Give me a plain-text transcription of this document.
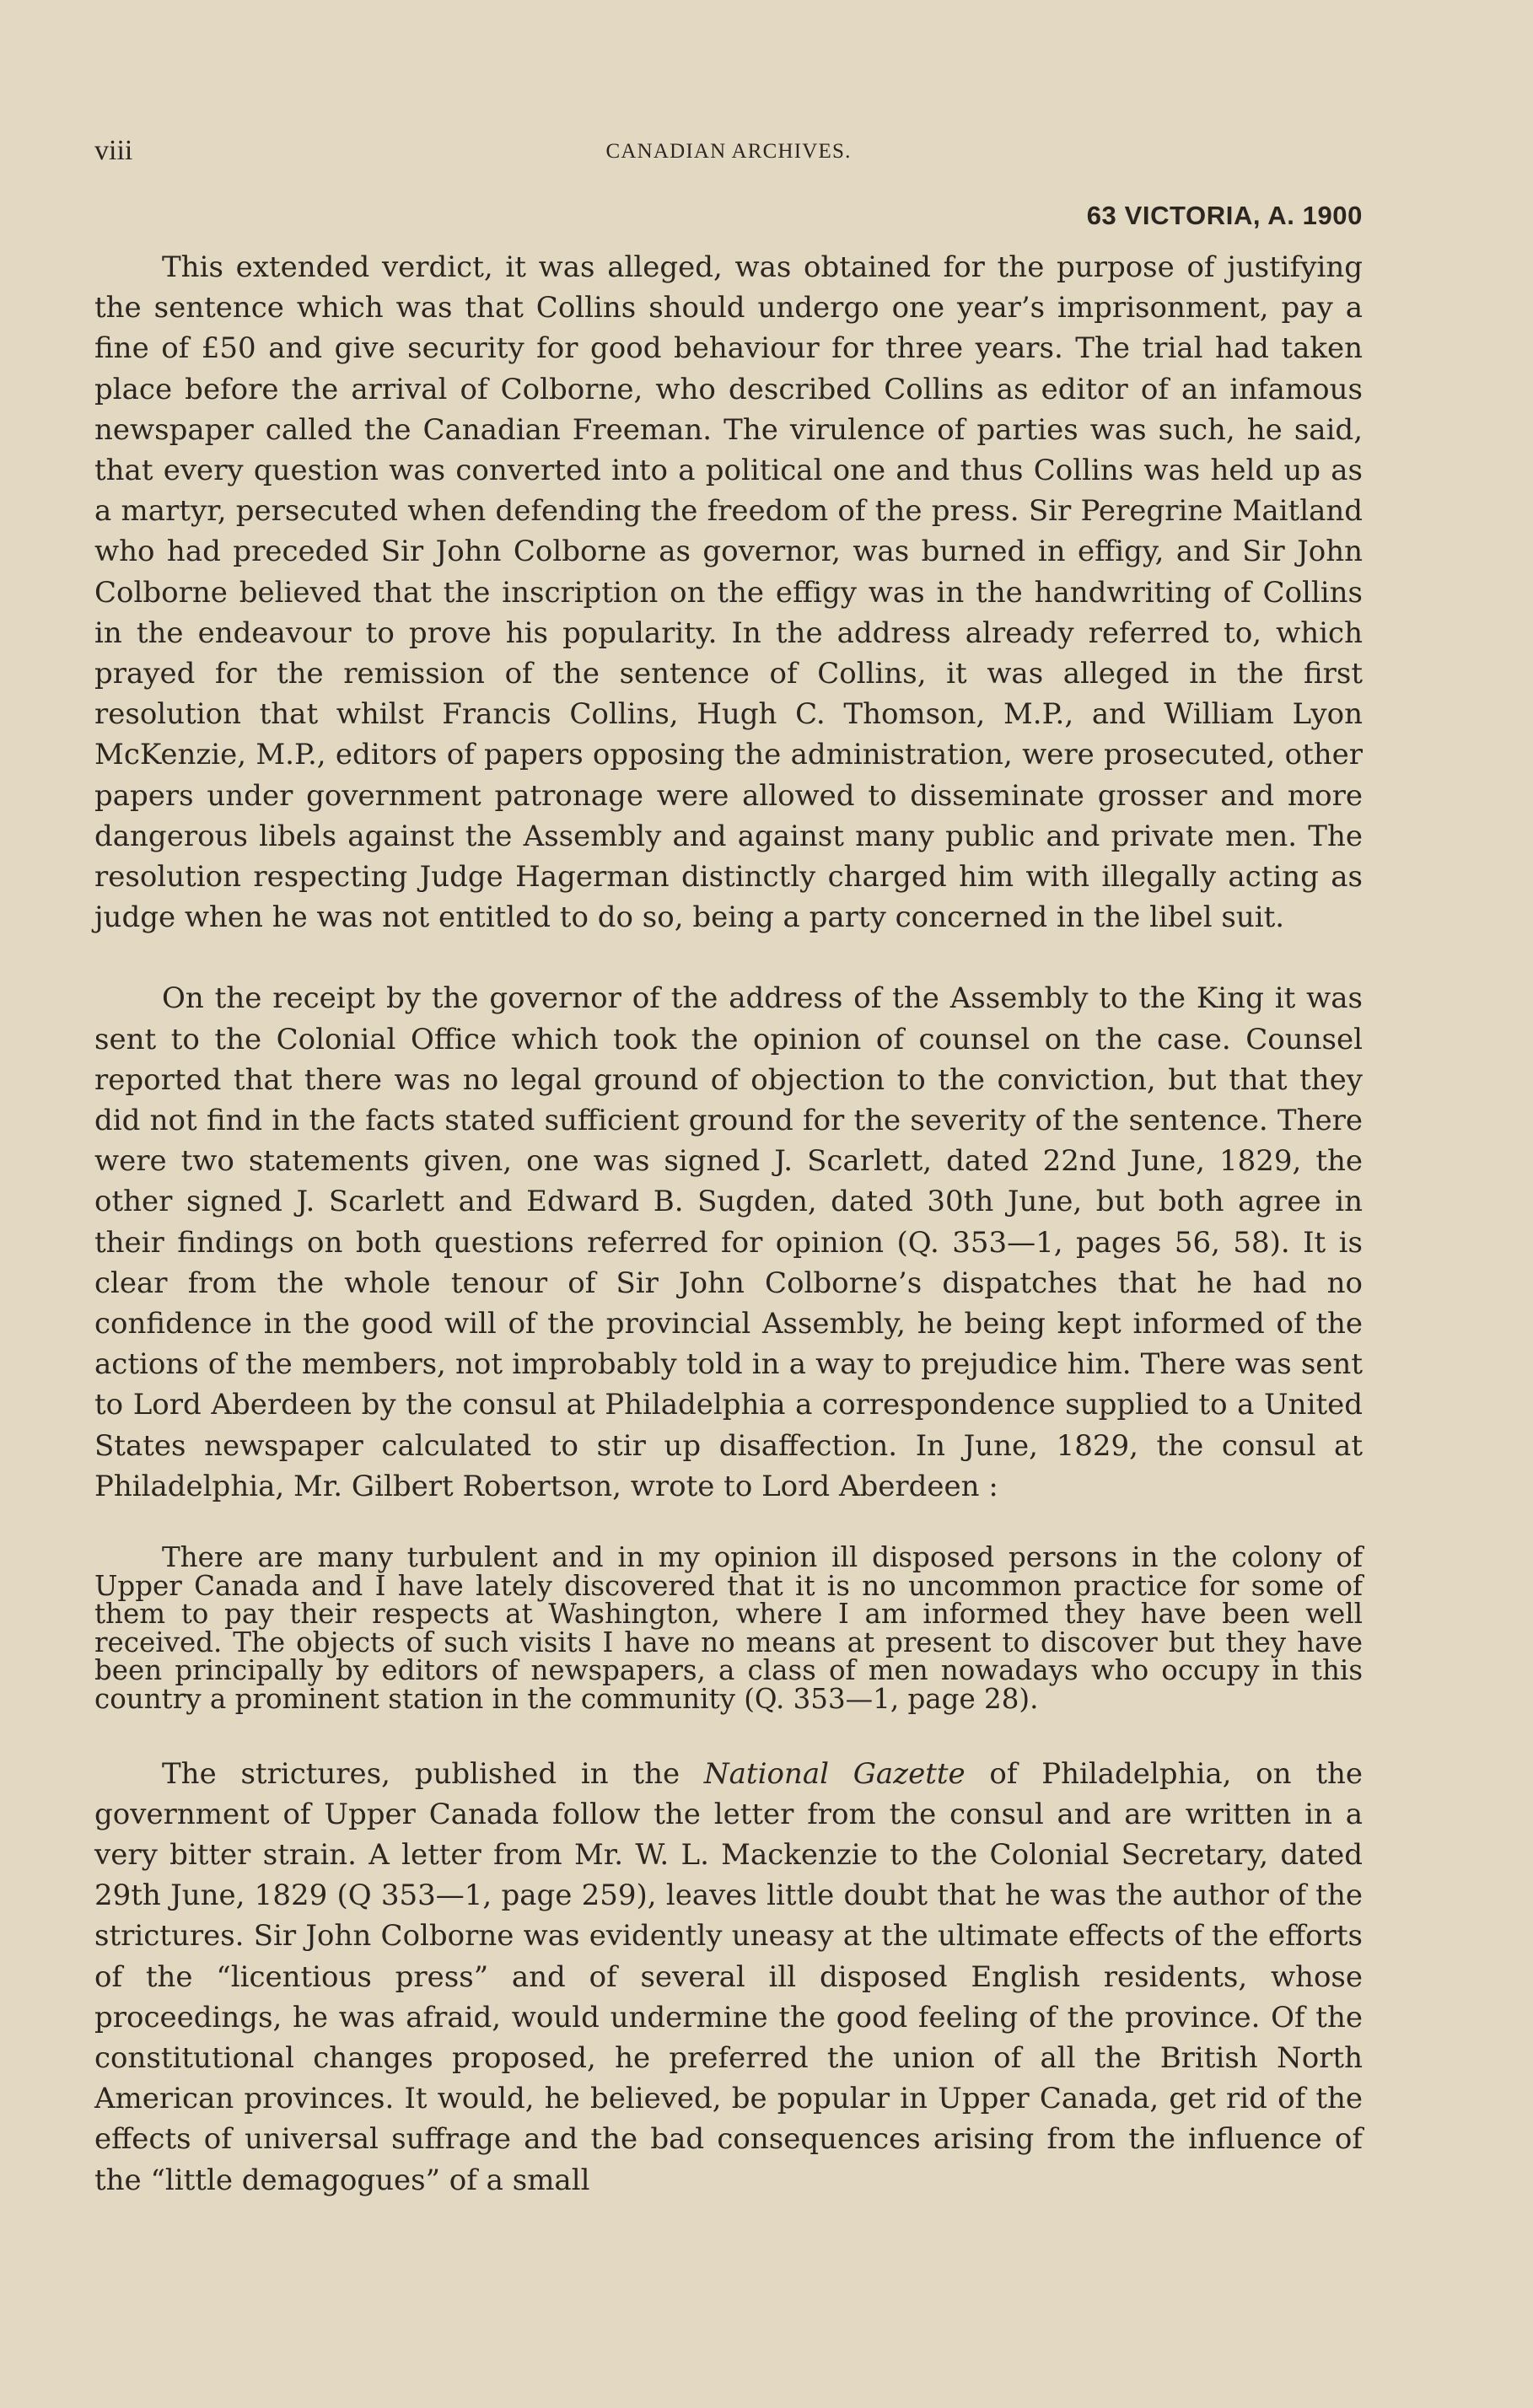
viii	CANADIAN ARCHIVES.
63 VICTORIA, A. 1900

This extended verdict, it was alleged, was obtained for the purpose of justifying the sentence which was that Collins should undergo one year’s imprisonment, pay a fine of £50 and give security for good behaviour for three years. The trial had taken place before the arrival of Colborne, who described Collins as editor of an infamous newspaper called the Canadian Freeman. The virulence of parties was such, he said, that every question was converted into a political one and thus Collins was held up as a martyr, persecuted when defending the freedom of the press. Sir Peregrine Maitland who had preceded Sir John Colborne as governor, was burned in effigy, and Sir John Colborne believed that the inscription on the effigy was in the handwriting of Collins in the endeavour to prove his popularity. In the address already referred to, which prayed for the remission of the sentence of Collins, it was alleged in the first resolution that whilst Francis Collins, Hugh C. Thomson, M.P., and William Lyon McKenzie, M.P., editors of papers opposing the administration, were prosecuted, other papers under government patronage were allowed to disseminate grosser and more dangerous libels against the Assembly and against many public and private men. The resolution respecting Judge Hagerman distinctly charged him with illegally acting as judge when he was not entitled to do so, being a party concerned in the libel suit.

On the receipt by the governor of the address of the Assembly to the King it was sent to the Colonial Office which took the opinion of counsel on the case. Counsel reported that there was no legal ground of objection to the conviction, but that they did not find in the facts stated sufficient ground for the severity of the sentence. There were two statements given, one was signed J. Scarlett, dated 22nd June, 1829, the other signed J. Scarlett and Edward B. Sugden, dated 30th June, but both agree in their findings on both questions referred for opinion (Q. 353—1, pages 56, 58). It is clear from the whole tenour of Sir John Colborne’s dispatches that he had no confidence in the good will of the provincial Assembly, he being kept informed of the actions of the members, not improbably told in a way to prejudice him. There was sent to Lord Aberdeen by the consul at Philadelphia a correspondence supplied to a United States newspaper calculated to stir up disaffection. In June, 1829, the consul at Philadelphia, Mr. Gilbert Robertson, wrote to Lord Aberdeen :

There are many turbulent and in my opinion ill disposed persons in the colony of Upper Canada and I have lately discovered that it is no uncommon practice for some of them to pay their respects at Washington, where I am informed they have been well received. The objects of such visits I have no means at present to discover but they have been principally by editors of newspapers, a class of men nowadays who occupy in this country a prominent station in the community (Q. 353—1, page 28).

The strictures, published in the National Gazette of Philadelphia, on the government of Upper Canada follow the letter from the consul and are written in a very bitter strain. A letter from Mr. W. L. Mackenzie to the Colonial Secretary, dated 29th June, 1829 (Q 353—1, page 259), leaves little doubt that he was the author of the strictures. Sir John Colborne was evidently uneasy at the ultimate effects of the efforts of the “licentious press” and of several ill disposed English residents, whose proceedings, he was afraid, would undermine the good feeling of the province. Of the constitutional changes proposed, he preferred the union of all the British North American provinces. It would, he believed, be popular in Upper Canada, get rid of the effects of universal suffrage and the bad consequences arising from the influence of the “little demagogues” of a small
